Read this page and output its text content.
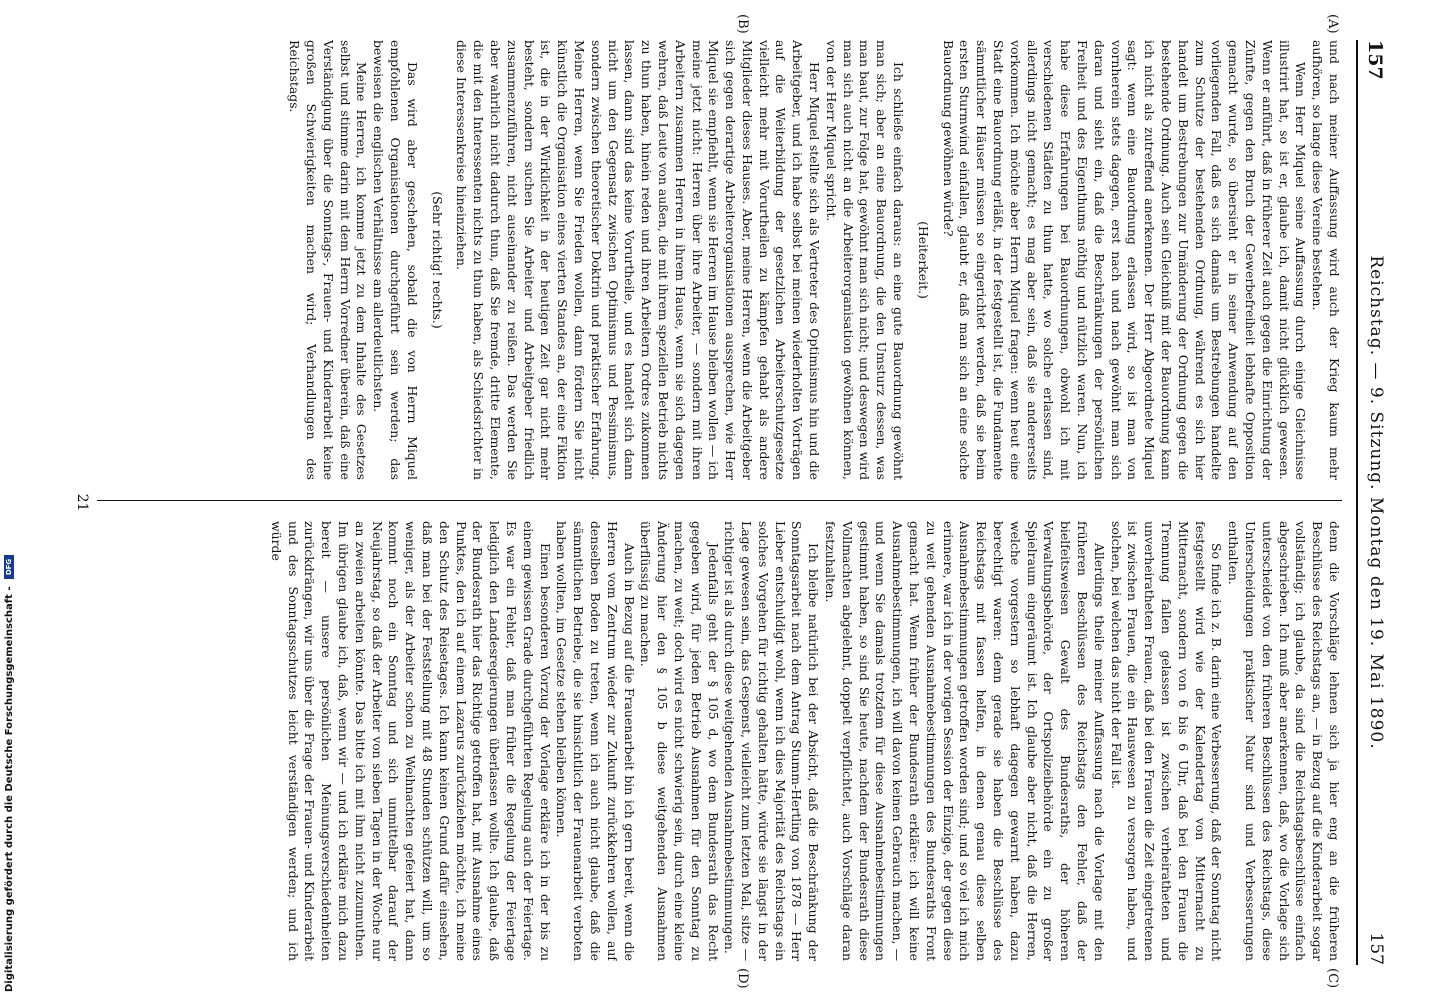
157
Reichstag. — 9. Sitzung. Montag den 19. Mai 1890.
157
(A)
(B)
(C)
(D)

und nach meiner Auffassung wird auch der Krieg kaum mehr aufhören, so lange diese Vereine bestehen.

Wenn Herr Miquel seine Auffassung durch einige Gleichnisse illustrirt hat, so ist er, glaube ich, damit nicht glücklich gewesen. Wenn er anführt, daß in früherer Zeit auch gegen die Einrichtung der Zünfte, gegen den Bruch der Gewerbefreiheit lebhafte Opposition gemacht wurde, so übersieht er in seiner Anwendung auf den vorliegenden Fall, daß es sich damals um Bestrebungen handelte zum Schutze der bestehenden Ordnung, während es sich hier handelt um Bestrebungen zur Umänderung der Ordnung gegen die bestehende Ordnung. Auch sein Gleichniß mit der Bauordnung kann ich nicht als zutreffend anerkennen. Der Herr Abgeordnete Miquel sagt: wenn eine Bauordnung erlassen wird, so ist man von vornherein stets dagegen, erst nach und nach gewöhnt man sich daran und sieht ein, daß die Beschränkungen der persönlichen Freiheit und des Eigenthums nöthig und nützlich waren. Nun, ich habe diese Erfahrungen bei Bauordnungen, obwohl ich mit verschiedenen Städten zu thun hatte, wo solche erlassen sind, allerdings nicht gemacht; es mag aber sein, daß sie andererseits vorkommen. Ich möchte aber Herrn Miquel fragen: wenn heut eine Stadt eine Bauordnung erläßt, in der festgestellt ist, die Fundamente sämmtlicher Häuser müssen so eingerichtet werden, daß sie beim ersten Sturmwind einfallen, glaubt er, daß man sich an eine solche Bauordnung gewöhnen würde?

(Heiterkeit.)

Ich schließe einfach daraus: an eine gute Bauordnung gewöhnt man sich; aber an eine Bauordnung, die den Umsturz dessen, was man baut, zur Folge hat, gewöhnt man sich nicht; und deswegen wird man sich auch nicht an die Arbeiterorganisation gewöhnen können, von der Herr Miquel spricht.

Herr Miquel stellte sich als Vertreter des Optimismus hin und die Arbeitgeber, und ich habe selbst bei meinen wiederholten Vorträgen auf die Weiterbildung der gesetzlichen Arbeiterschutzgesetze vielleicht mehr mit Vorurtheilen zu kämpfen gehabt als andere Mitglieder dieses Hauses. Aber, meine Herren, wenn die Arbeitgeber sich gegen derartige Arbeiterorganisationen aussprechen, wie Herr Miquel sie empfiehlt, wenn sie Herren im Hause bleiben wollen — ich meine jetzt nicht: Herren über ihre Arbeiter, — sondern mit ihren Arbeitern zusammen Herren in ihrem Hause, wenn sie sich dagegen wehren, daß Leute von außen, die mit ihrem speziellen Betrieb nichts zu thun haben, hinein reden und ihren Arbeitern Ordres zukommen lassen, dann sind das keine Vorurtheile, und es handelt sich dann nicht um den Gegensatz zwischen Optimismus und Pessimismus, sondern zwischen theoretischer Doktrin und praktischer Erfahrung. Meine Herren, wenn Sie Frieden wollen, dann fördern Sie nicht künstlich die Organisation eines vierten Standes an, der eine Fiktion ist, die in der Wirklichkeit in der heutigen Zeit gar nicht mehr besteht, sondern suchen Sie Arbeiter und Arbeitgeber friedlich zusammenzuführen, nicht auseinander zu reißen. Das werden Sie aber wahrlich nicht dadurch thun, daß Sie fremde, dritte Elemente, die mit den Interessenten nichts zu thun haben, als Schiedsrichter in diese Interessenkreise hineinziehen.

(Sehr richtig! rechts.)

Das wird aber geschehen, sobald die von Herrn Miquel empfohlenen Organisationen durchgeführt sein werden; das beweisen die englischen Verhältnisse am allerdeutlichsten.

Meine Herren, ich komme jetzt zu dem Inhalte des Gesetzes selbst und stimme darin mit dem Herrn Vorredner überein, daß eine Verständigung über die Sonntags-, Frauen- und Kinderarbeit keine großen Schwierigkeiten machen wird; Verhandlungen des Reichstags.

denn die Vorschläge lehnen sich ja hier eng an die früheren Beschlüsse des Reichstags an, — in Bezug auf die Kinderarbeit sogar vollständig; ich glaube, da sind die Reichstagsbeschlüsse einfach abgeschrieben. Ich muß aber anerkennen, daß, wo die Vorlage sich unterscheidet von den früheren Beschlüssen des Reichstags, diese Unterscheidungen praktischer Natur sind und Verbesserungen enthalten.

So finde ich z. B. darin eine Verbesserung, daß der Sonntag nicht festgestellt wird wie der Kalendertag von Mitternacht zu Mitternacht, sondern von 6 bis 6 Uhr, daß bei den Frauen die Trennung fallen gelassen ist zwischen verheiratheten und unverheiratheten Frauen, daß bei den Frauen die Zeit eingetretenen ist zwischen Frauen, die ein Hauswesen zu versorgen haben, und solchen, bei welchen das nicht der Fall ist.

Allerdings theile meiner Auffassung nach die Vorlage mit den früheren Beschlüssen des Reichstags den Fehler, daß der bielfeitsweisen Gewalt des Bundesraths, der höheren Verwaltungsbehörde, der Ortspolizeibehörde ein zu großer Spielraum eingeräumt ist. Ich glaube aber nicht, daß die Herren, welche vorgestern so lebhaft dagegen gewarnt haben, dazu berechtigt waren: denn gerade sie haben die Beschlüsse des Reichstags mit fassen helfen, in denen genau diese selben Ausnahmebestimmungen getroffen worden sind; und so viel ich mich erinnere, war ich in der vorigen Session der Einzige, der gegen diese zu weit gehenden Ausnahmebestimmungen des Bundesraths Front gemacht hat. Wenn früher der Bundesrath erkläre: ich will keine Ausnahmebestimmungen, ich will davon keinen Gebrauch machen, — und wenn Sie damals trotzdem für diese Ausnahmebestimmungen gestimmt haben, so sind Sie heute, nachdem der Bundesrath diese Vollmachten abgelehnt, doppelt verpflichtet, auch Vorschläge daran festzuhalten.

Ich bleibe natürlich bei der Absicht, daß die Beschränkung der Sonntagsarbeit nach dem Antrag Stumm-Hertling von 1878 — Herr Lieber entschuldigt wohl, wenn ich dies Majorität des Reichstags ein solches Vorgehen für richtig gehalten hätte, würde sie längst in der Lage gewesen sein, das Gespenst, vielleicht zum letzten Mal, sitze — richtiger ist als durch diese weitgehenden Ausnahmebestimmungen.

Jedenfalls geht der § 105 d, wo dem Bundesrath das Recht gegeben wird, für jeden Betrieb Ausnahmen für den Sonntag zu machen, zu weit; doch wird es nicht schwierig sein, durch eine kleine Änderung hier den § 105 b diese weitgehenden Ausnahmen überflüssig zu machen.

Auch in Bezug auf die Frauenarbeit bin ich gern bereit, wenn die Herren vom Zentrum wieder zur Zukunft zurückkehren wollen, auf denselben Boden zu treten, wenn ich auch nicht glaube, daß die sämmtlichen Betriebe, die sie hinsichtlich der Frauenarbeit verboten haben wollten, im Gesetze stehen bleiben können.

Einen besonderen Vorzug der Vorlage erkläre ich in der bis zu einem gewissen Grade durchgeführten Regelung auch der Feiertage. Es war ein Fehler, daß man früher die Regelung der Feiertage lediglich den Landesregierungen überlassen wollte. Ich glaube, daß der Bundesrath hier das Richtige getroffen hat, mit Ausnahme eines Punktes, den ich auf einem Lazarus zurückziehen möchte, ich meine den Schutz des Reisetages. Ich kann keinen Grund dafür einsehen, daß man bei der Feststellung mit 48 Stunden schützen will, um so weniger, als der Arbeiter schon zu Weihnachten gefeiert hat, dann kommt noch ein Sonntag und sich unmittelbar darauf der Neujahrstag, so daß der Arbeiter von sieben Tagen in der Woche nur an zweien arbeiten könnte. Das bitte ich mit ihm nicht zuzumuthen. Im übrigen glaube ich, daß, wenn wir — und ich erkläre mich dazu bereit — unsere persönlichen Meinungsverschiedenheiten zurückdrängen, wir uns über die Frage der Frauen- und Kinderarbeit und des Sonntagsschutzes leicht verständigen werden; und ich würde

21
Digitalisierung gefördert durch die Deutsche Forschungsgemeinschaft - DFG
